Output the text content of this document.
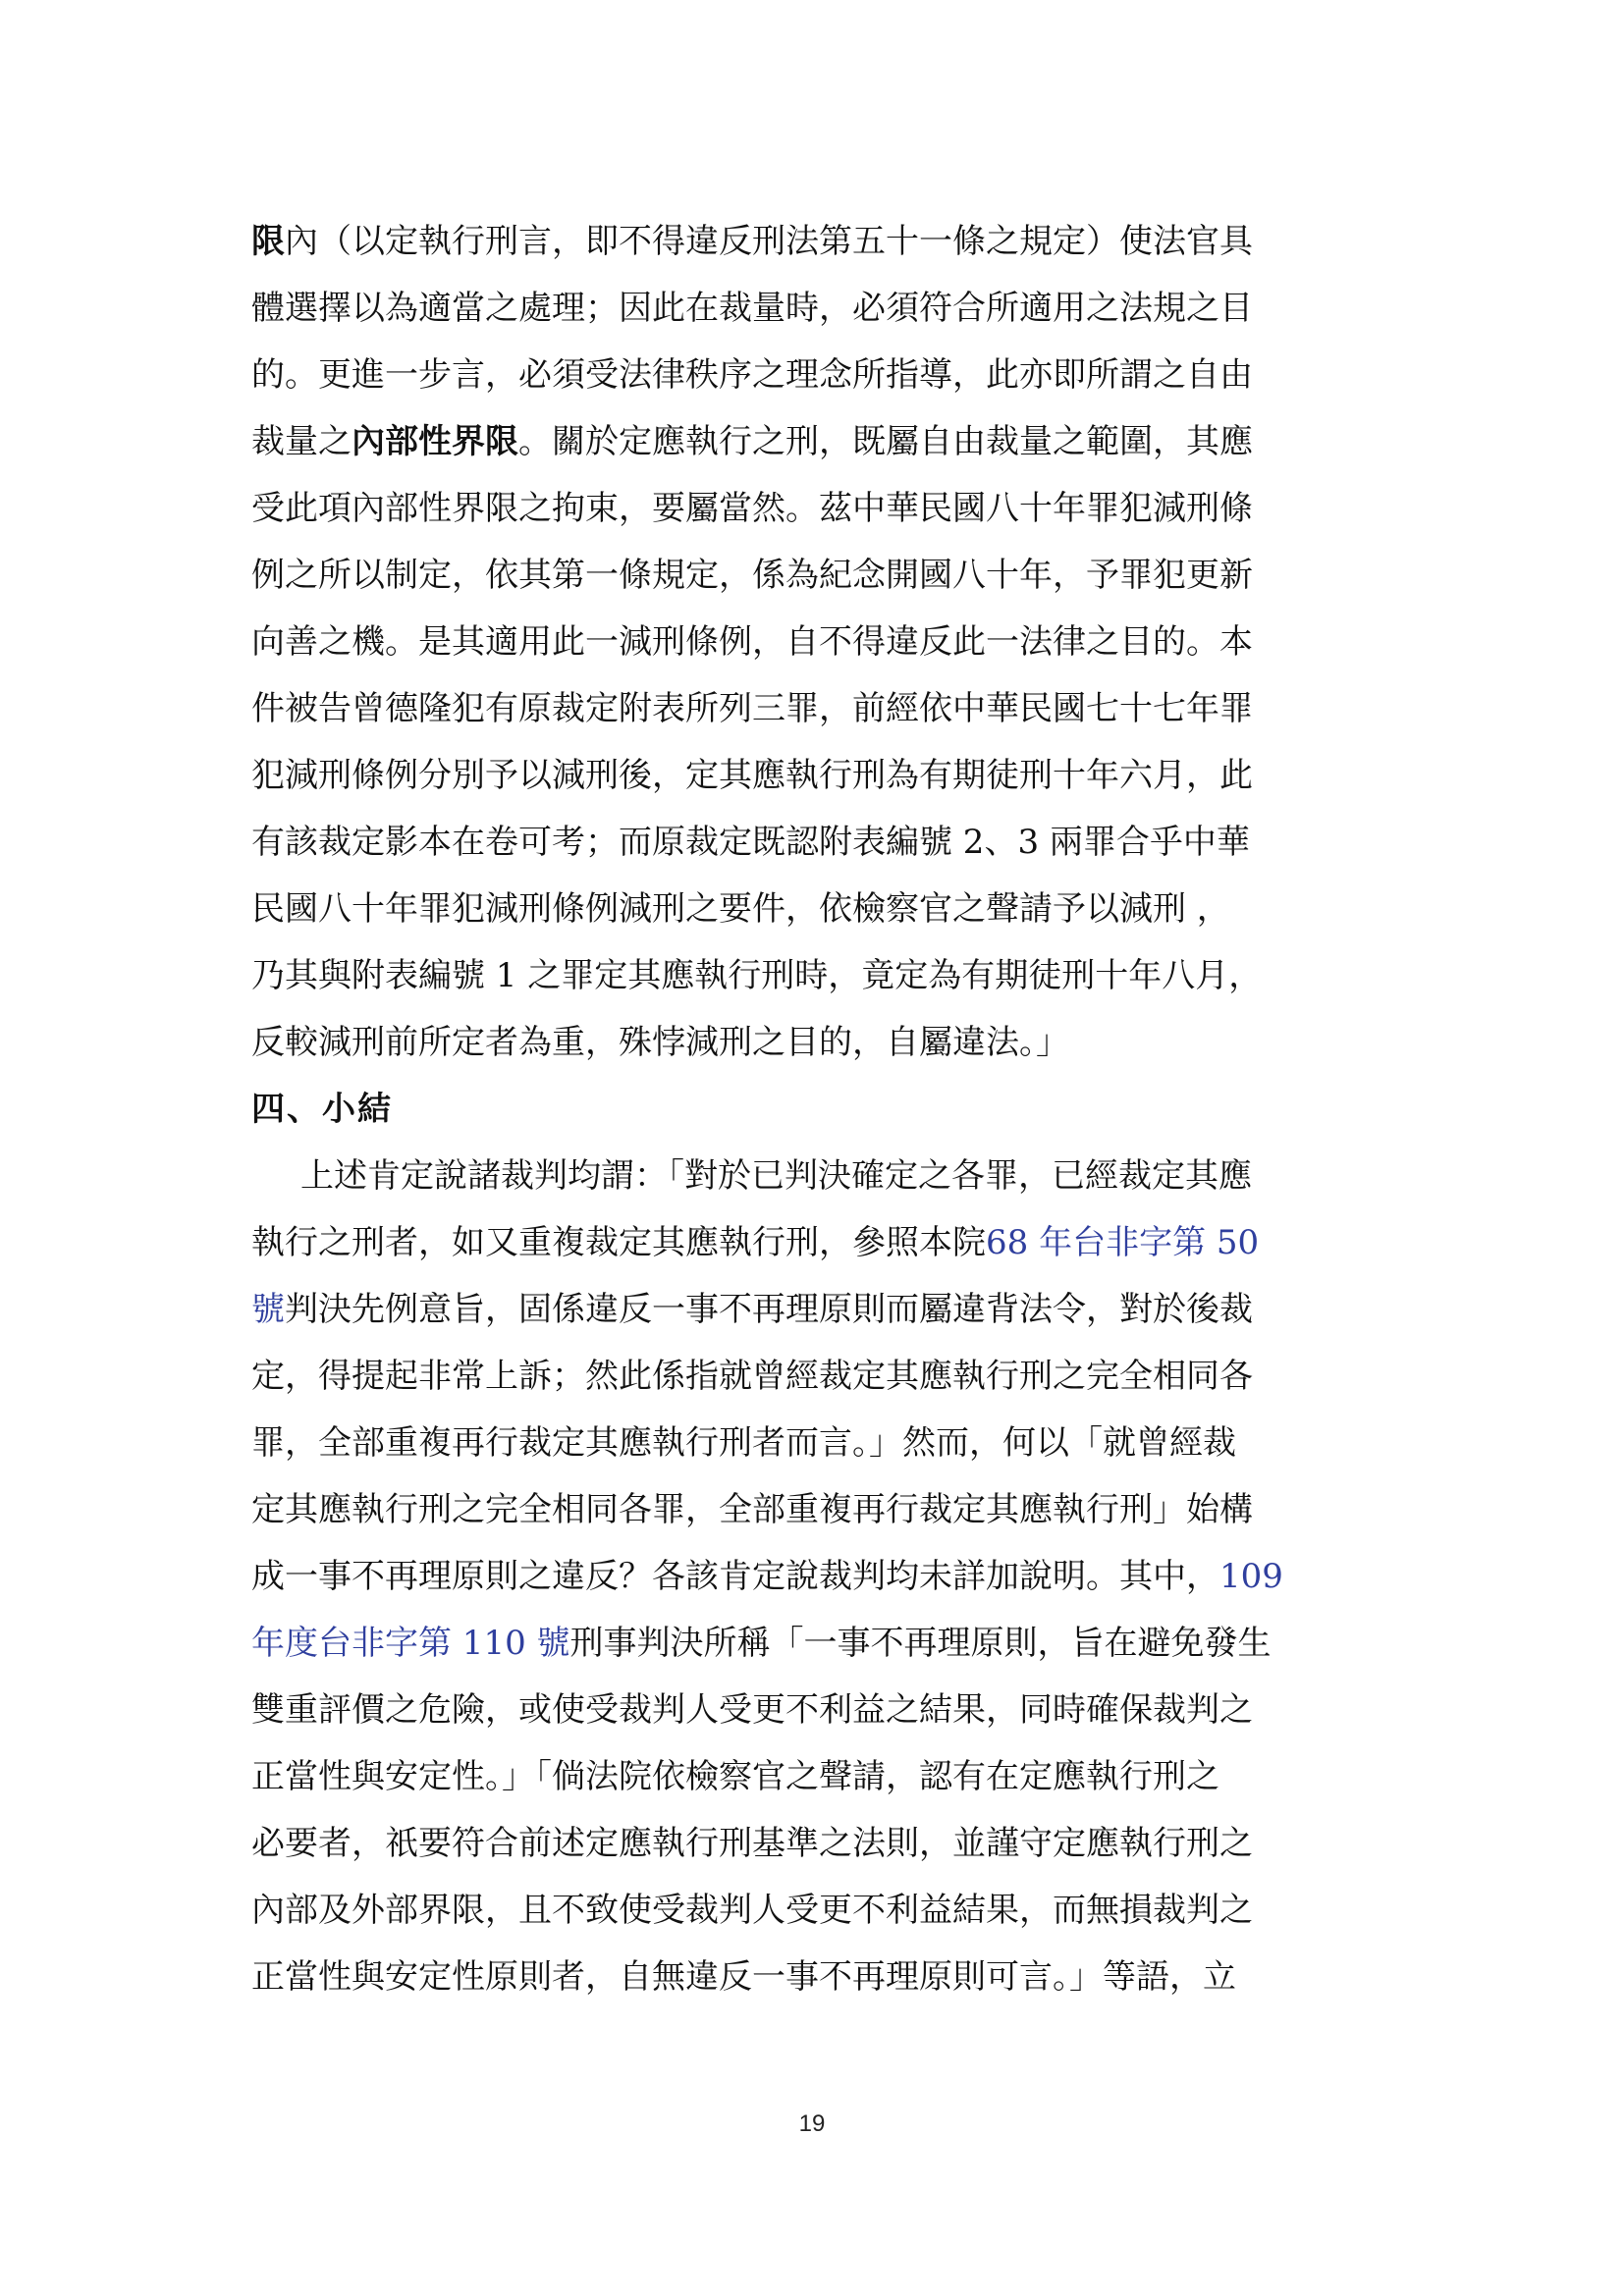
限內（以定執行刑言，即不得違反刑法第五十一條之規定）使法官具
體選擇以為適當之處理；因此在裁量時，必須符合所適用之法規之目
的。更進一步言，必須受法律秩序之理念所指導，此亦即所謂之自由
裁量之內部性界限。關於定應執行之刑，既屬自由裁量之範圍，其應
受此項內部性界限之拘束，要屬當然。茲中華民國八十年罪犯減刑條
例之所以制定，依其第一條規定，係為紀念開國八十年，予罪犯更新
向善之機。是其適用此一減刑條例，自不得違反此一法律之目的。本
件被告曾德隆犯有原裁定附表所列三罪，前經依中華民國七十七年罪
犯減刑條例分別予以減刑後，定其應執行刑為有期徒刑十年六月，此
有該裁定影本在卷可考；而原裁定既認附表編號 2、3 兩罪合乎中華
民國八十年罪犯減刑條例減刑之要件，依檢察官之聲請予以減刑 ，
乃其與附表編號 1 之罪定其應執行刑時，竟定為有期徒刑十年八月，
反較減刑前所定者為重，殊悖減刑之目的，自屬違法。」
四、小結
上述肯定說諸裁判均謂：「對於已判決確定之各罪，已經裁定其應
執行之刑者，如又重複裁定其應執行刑，參照本院68 年台非字第 50
號判決先例意旨，固係違反一事不再理原則而屬違背法令，對於後裁
定，得提起非常上訴；然此係指就曾經裁定其應執行刑之完全相同各
罪，全部重複再行裁定其應執行刑者而言。」然而，何以「就曾經裁
定其應執行刑之完全相同各罪，全部重複再行裁定其應執行刑」始構
成一事不再理原則之違反？各該肯定說裁判均未詳加說明。其中，109
年度台非字第 110 號刑事判決所稱「一事不再理原則，旨在避免發生
雙重評價之危險，或使受裁判人受更不利益之結果，同時確保裁判之
正當性與安定性。」「倘法院依檢察官之聲請，認有在定應執行刑之
必要者，祇要符合前述定應執行刑基準之法則，並謹守定應執行刑之
內部及外部界限，且不致使受裁判人受更不利益結果，而無損裁判之
正當性與安定性原則者，自無違反一事不再理原則可言。」等語，立
19
